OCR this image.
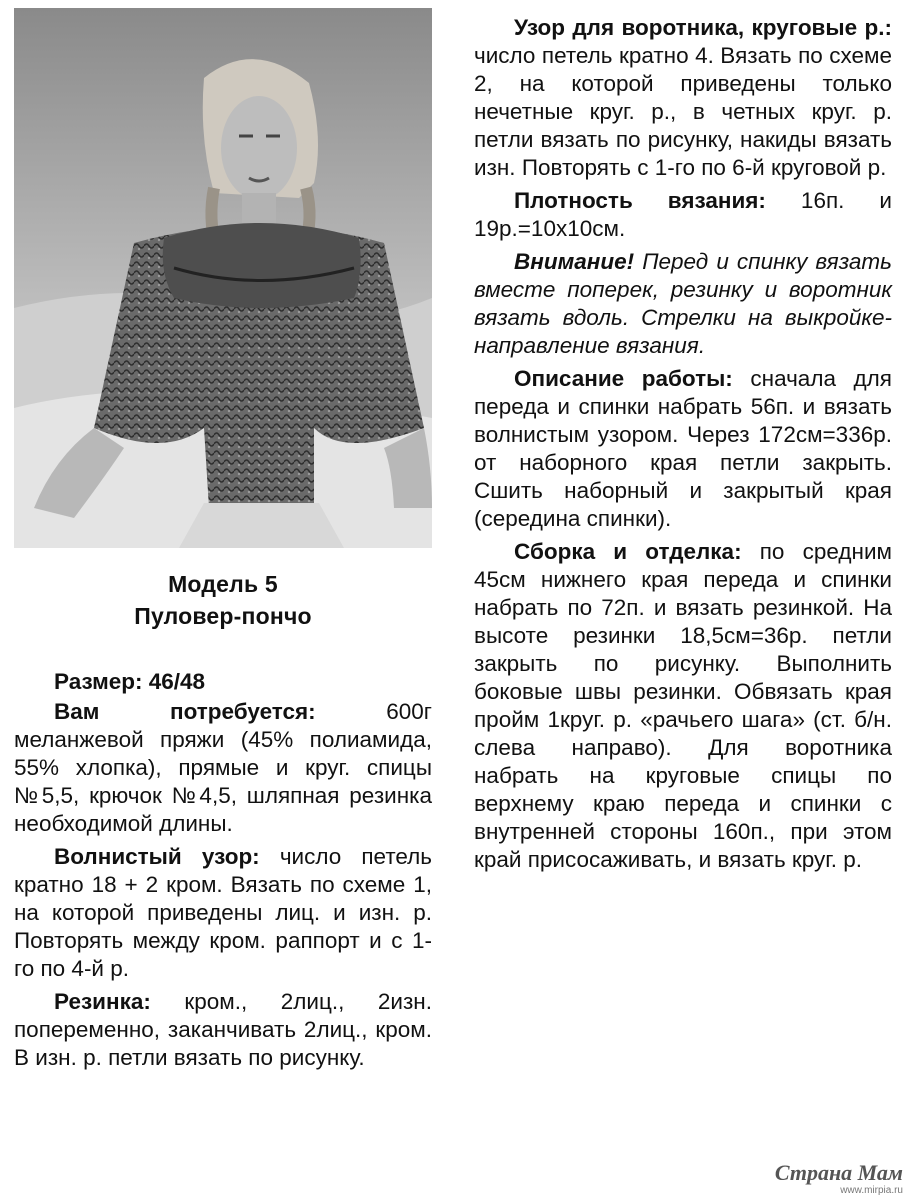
Модель 5
Пуловер-пончо

Размер: 46/48

Вам потребуется: 600г меланжевой пряжи (45% полиамида, 55% хлопка), прямые и круг. спицы №5,5, крючок №4,5, шляпная резинка необходимой длины.

Волнистый узор: число петель кратно 18 + 2 кром. Вязать по схеме 1, на которой приведены лиц. и изн. р. Повторять между кром. раппорт и с 1-го по 4-й р.

Резинка: кром., 2лиц., 2изн. попеременно, заканчивать 2лиц., кром. В изн. р. петли вязать по рисунку.

Узор для воротника, круговые р.: число петель кратно 4. Вязать по схеме 2, на которой приведены только нечетные круг. р., в четных круг. р. петли вязать по рисунку, накиды вязать изн. Повторять с 1-го по 6-й круговой р.

Плотность вязания: 16п. и 19р.=10х10см.

Внимание! Перед и спинку вязать вместе поперек, резинку и воротник вязать вдоль. Стрелки на выкройке- направление вязания.

Описание работы: сначала для переда и спинки набрать 56п. и вязать волнистым узором. Через 172см=336р. от наборного края петли закрыть. Сшить наборный и закрытый края (середина спинки).

Сборка и отделка: по средним 45см нижнего края переда и спинки набрать по 72п. и вязать резинкой. На высоте резинки 18,5см=36р. петли закрыть по рисунку. Выполнить боковые швы резинки. Обвязать края пройм 1круг. р. «рачьего шага» (ст. б/н. слева направо). Для воротника набрать на круговые спицы по верхнему краю переда и спинки с внутренней стороны 160п., при этом край присосаживать, и вязать круг. р.

Страна Мам
www.mirpia.ru
